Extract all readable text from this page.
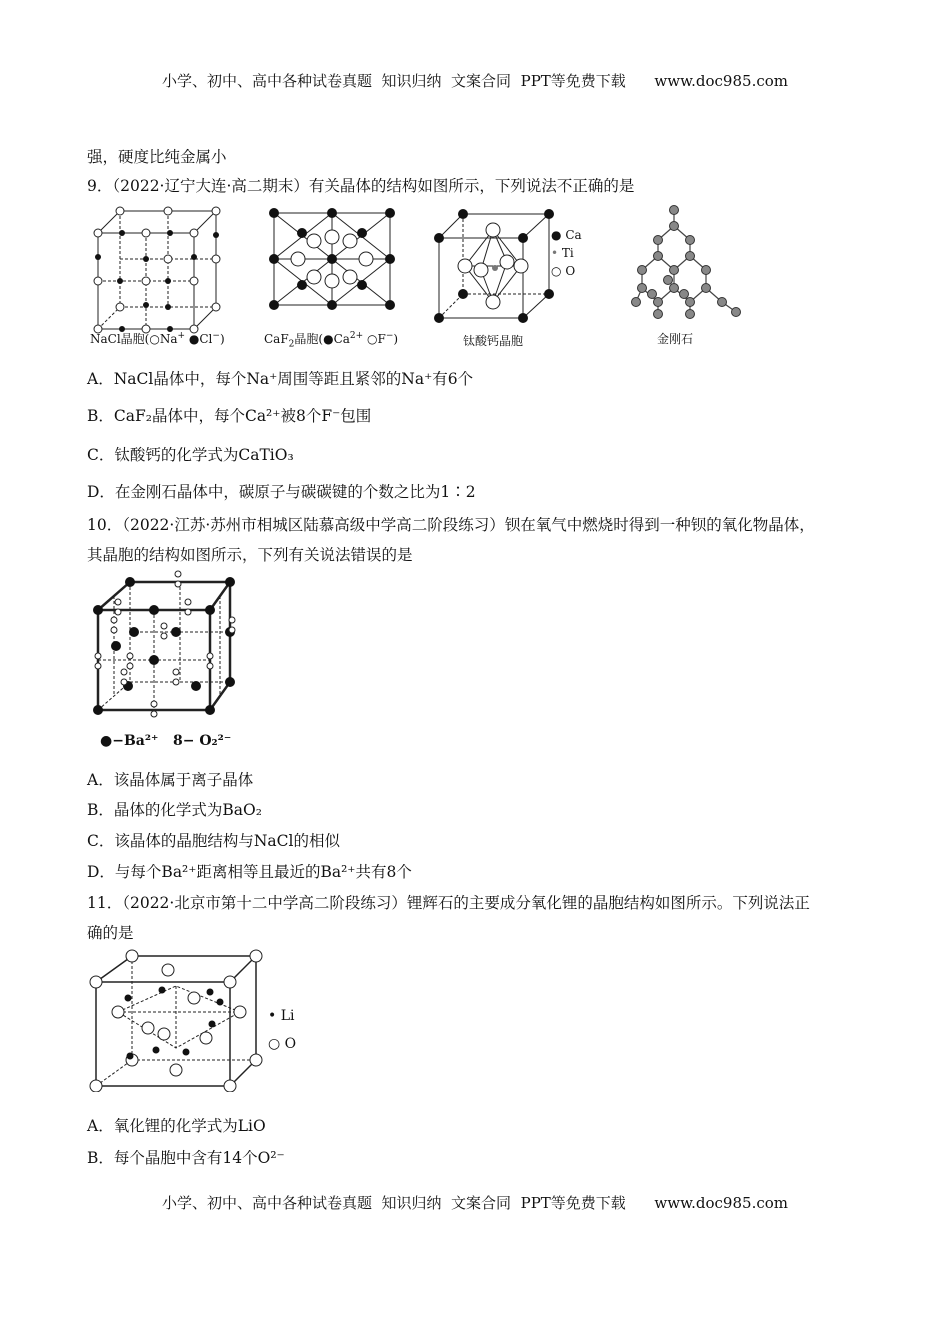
小学、初中、高中各种试卷真题  知识归纳  文案合同  PPT等免费下载      www.doc985.com
强，硬度比纯金属小
9．（2022·辽宁大连·高二期末）有关晶体的结构如图所示，下列说法不正确的是
NaCl晶胞(○Na+ ●Cl−)	CaF$_2$晶胞($●Ca^{2+}$ ○F−)	钛酸钙晶胞
● Ca
• Ti
○ O
金刚石
A．NaCl晶体中，每个Na⁺周围等距且紧邻的Na⁺有6个
B．CaF₂晶体中，每个Ca²⁺被8个F⁻包围
C．钛酸钙的化学式为CaTiO₃
D．在金刚石晶体中，碳原子与碳碳键的个数之比为1∶2
10．（2022·江苏·苏州市相城区陆慕高级中学高二阶段练习）钡在氧气中燃烧时得到一种钡的氧化物晶体，
其晶胞的结构如图所示，下列有关说法错误的是
●−Ba²⁺ 8− O₂²⁻
A．该晶体属于离子晶体
B．晶体的化学式为BaO₂
C．该晶体的晶胞结构与NaCl的相似
D．与每个Ba²⁺距离相等且最近的Ba²⁺共有8个
11．（2022·北京市第十二中学高二阶段练习）锂辉石的主要成分氧化锂的晶胞结构如图所示。下列说法正
确的是
• Li
○ O
A．氧化锂的化学式为LiO
B．每个晶胞中含有14个O²⁻
小学、初中、高中各种试卷真题  知识归纳  文案合同  PPT等免费下载      www.doc985.com
